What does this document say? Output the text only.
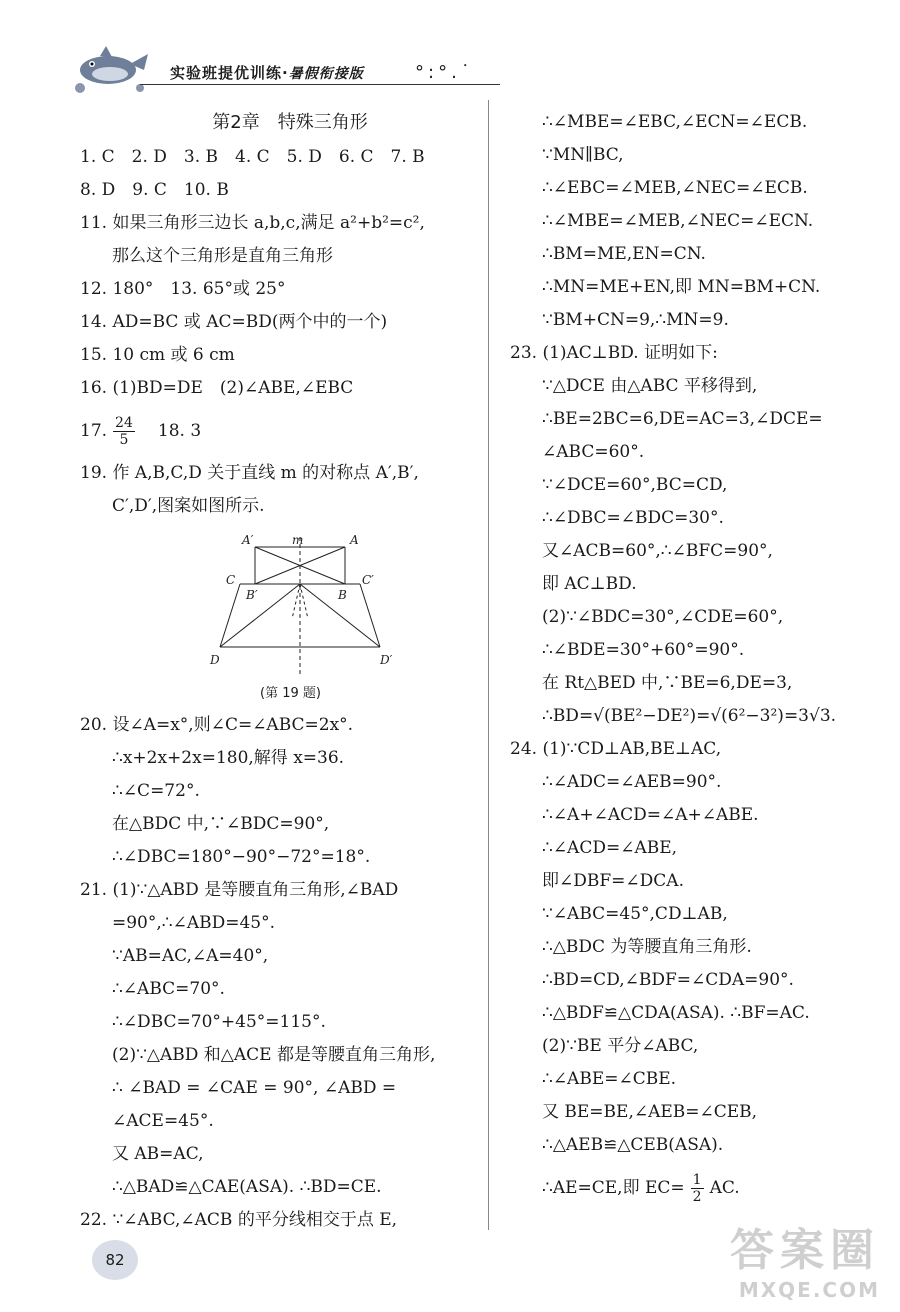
实验班提优训练·暑假衔接版	°:°.˙
第2章　特殊三角形
1. C　2. D　3. B　4. C　5. D　6. C　7. B
8. D　9. C　10. B
11. 如果三角形三边长 a,b,c,满足 a²+b²=c²,
那么这个三角形是直角三角形
12. 180°　13. 65°或 25°
14. AD=BC 或 AC=BD(两个中的一个)
15. 10 cm 或 6 cm
16. (1)BD=DE　(2)∠ABE,∠EBC
17. $\frac{24}{5}$
　 18. 3
19. 作 A,B,C,D 关于直线 m 的对称点 A′,B′,
C′,D′,图案如图所示.
A′	m	A
C
B′	B
C′
D	D′
(第 19 题)
20. 设∠A=x°,则∠C=∠ABC=2x°.
∴x+2x+2x=180,解得 x=36.
∴∠C=72°.
在△BDC 中,∵∠BDC=90°,
∴∠DBC=180°−90°−72°=18°.
21. (1)∵△ABD 是等腰直角三角形,∠BAD
=90°,∴∠ABD=45°.
∵AB=AC,∠A=40°,
∴∠ABC=70°.
∴∠DBC=70°+45°=115°.
(2)∵△ABD 和△ACE 都是等腰直角三角形,
∴ ∠BAD = ∠CAE = 90°, ∠ABD =
∠ACE=45°.
又 AB=AC,
∴△BAD≌△CAE(ASA). ∴BD=CE.
22. ∵∠ABC,∠ACB 的平分线相交于点 E,
∴∠MBE=∠EBC,∠ECN=∠ECB.
∵MN∥BC,
∴∠EBC=∠MEB,∠NEC=∠ECB.
∴∠MBE=∠MEB,∠NEC=∠ECN.
∴BM=ME,EN=CN.
∴MN=ME+EN,即 MN=BM+CN.
∵BM+CN=9,∴MN=9.
23. (1)AC⊥BD. 证明如下:
∵△DCE 由△ABC 平移得到,
∴BE=2BC=6,DE=AC=3,∠DCE=
∠ABC=60°.
∵∠DCE=60°,BC=CD,
∴∠DBC=∠BDC=30°.
又∠ACB=60°,∴∠BFC=90°,
即 AC⊥BD.
(2)∵∠BDC=30°,∠CDE=60°,
∴∠BDE=30°+60°=90°.
在 Rt△BED 中,∵BE=6,DE=3,
∴BD=√(BE²−DE²)=√(6²−3²)=3√3.
24. (1)∵CD⊥AB,BE⊥AC,
∴∠ADC=∠AEB=90°.
∴∠A+∠ACD=∠A+∠ABE.
∴∠ACD=∠ABE,
即∠DBF=∠DCA.
∵∠ABC=45°,CD⊥AB,
∴△BDC 为等腰直角三角形.
∴BD=CD,∠BDF=∠CDA=90°.
∴△BDF≌△CDA(ASA). ∴BF=AC.
(2)∵BE 平分∠ABC,
∴∠ABE=∠CBE.
又 BE=BE,∠AEB=∠CEB,
∴△AEB≌△CEB(ASA).
∴AE=CE,即 $EC= \frac{1}{2}$ AC.
82	答案圈
MXQE.COM
